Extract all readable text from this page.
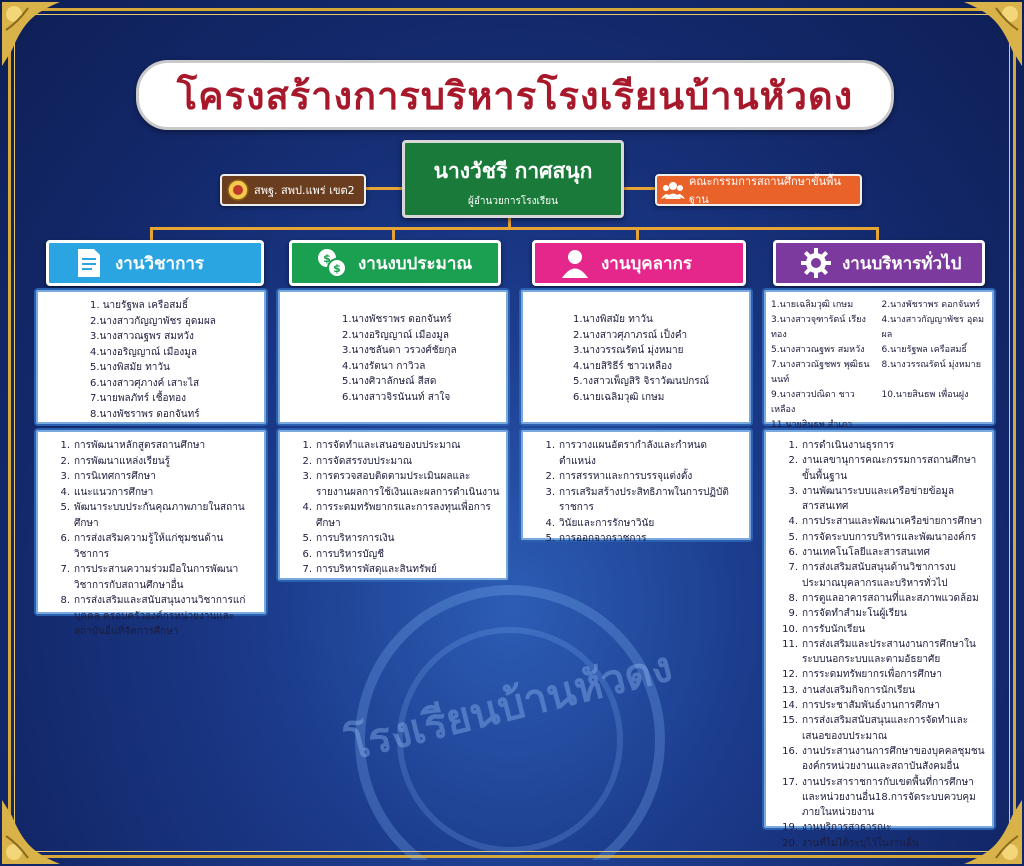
โรงเรียนบ้านหัวดง
โครงสร้างการบริหารโรงเรียนบ้านหัวดง
นางวัชรี กาศสนุก
ผู้อำนวยการโรงเรียน
สพฐ. สพป.แพร่ เขต2
คณะกรรมการสถานศึกษาขั้นพื้นฐาน
งานวิชาการ	$
$ งานงบประมาณ	งานบุคลากร	งานบริหารทั่วไป
1. นายรัฐพล เครือสมธิ์
2.นางสาวกัญญาพัชร อุดมผล
3.นางสาวณฐพร สมหวัง
4.นางอริญญาณ์ เมืองมูล
5.นางพิสมัย ทาวัน
6.นางสาวศุภางค์ เสาะไส
7.นายพลภัทร์ เชื้อทอง
8.นางพัชราพร ดอกจันทร์
1.นางพัชราพร ดอกจันทร์
2.นางอริญญาณ์ เมืองมูล
3.นางชลันดา วรวงศ์ชัยกุล
4.นางรัตนา กาวิวล
5.นางศิวาลักษณ์ สีสด
6.นางสาวจิรนันนท์ สาใจ
1.นางพิสมัย ทาวัน
2.นางสาวศุภาภรณ์ เป็งคำ
3.นางวรรณรัตน์ มุ่งหมาย
4.นายสิริธีร์ ชาวเหลือง
5.างสาวเพ็ญสิริ จิราวัฒนปกรณ์
6.นายเฉลิมวุฒิ เกษม
1.นายเฉลิมวุฒิ เกษม	2.นางพัชราพร ดอกจันทร์
3.นางสาวจุฑารัตน์ เรียงทอง
4.นางสาวกัญญาพัชร อุดมผล
5.นางสาวณฐพร สมหวัง	6.นายรัฐพล เครือสมธิ์
7.นางสาวณัฐชพร พุฒิธนนนท์
8.นางวรรณรัตน์ มุ่งหมาย
9.นางสาวปณิดา ชาวเหลือง
10.นายสินธพ เพื่อนฝูง
11.นายสินธพ สำเภา
1. การพัฒนาหลักสูตรสถานศึกษา
2. การพัฒนาแหล่งเรียนรู้
3. การนิเทศการศึกษา
4. แนะแนวการศึกษา
5. พัฒนาระบบประกันคุณภาพภายในสถานศึกษา
6. การส่งเสริมความรู้ให้แก่ชุมชนด้านวิชาการ
7. การประสานความร่วมมือในการพัฒนาวิชาการกับสถานศึกษาอื่น
8. การส่งเสริมและสนับสนุนงานวิชาการแก่บุคคล ครอบครัวองค์กรหน่วยงานและสถาบันอื่นที่จัดการศึกษา
1. การจัดทำและเสนอของบประมาณ
2. การจัดสรรงบประมาณ
3. การตรวจสอบติดตามประเมินผลและรายงานผลการใช้เงินและผลการดำเนินงาน
4. การระดมทรัพยากรและการลงทุนเพื่อการศึกษา
5. การบริหารการเงิน
6. การบริหารบัญชี
7. การบริหารพัสดุและสินทรัพย์
1. การวางแผนอัตรากำลังและกำหนดตำแหน่ง
2. การสรรหาและการบรรจุแต่งตั้ง
3. การเสริมสร้างประสิทธิภาพในการปฏิบัติราชการ
4. วินัยและการรักษาวินัย
5. การออกจากราชการ
1. การดำเนินงานธุรการ
2. งานเลขานุการคณะกรรมการสถานศึกษาขั้นพื้นฐาน
3. งานพัฒนาระบบและเครือข่ายข้อมูลสารสนเทศ
4. การประสานและพัฒนาเครือข่ายการศึกษา
5. การจัดระบบการบริหารและพัฒนาองค์กร
6. งานเทคโนโลยีและสารสนเทศ
7. การส่งเสริมสนับสนุนด้านวิชาการงบประมาณบุคลากรและบริหารทั่วไป
8. การดูแลอาคารสถานที่และสภาพแวดล้อม
9. การจัดทำสำมะโนผู้เรียน
10. การรับนักเรียน
11. การส่งเสริมและประสานงานการศึกษาในระบบนอกระบบและตามอัธยาศัย
12. การระดมทรัพยากรเพื่อการศึกษา
13. งานส่งเสริมกิจการนักเรียน
14. การประชาสัมพันธ์งานการศึกษา
15. การส่งเสริมสนับสนุนและการจัดทำและเสนอของบประมาณ
16. งานประสานงานการศึกษาของบุคคลชุมชนองค์กรหน่วยงานและสถาบันสังคมอื่น
17. งานประสาราชการกับเขตพื้นที่การศึกษาและหน่วยงานอื่น18.การจัดระบบควบคุมภายในหน่วยงาน
19. งานบริการสาธารณะ
20. งานที่ไม่ได้ระบุไว้ในงานอื่น
